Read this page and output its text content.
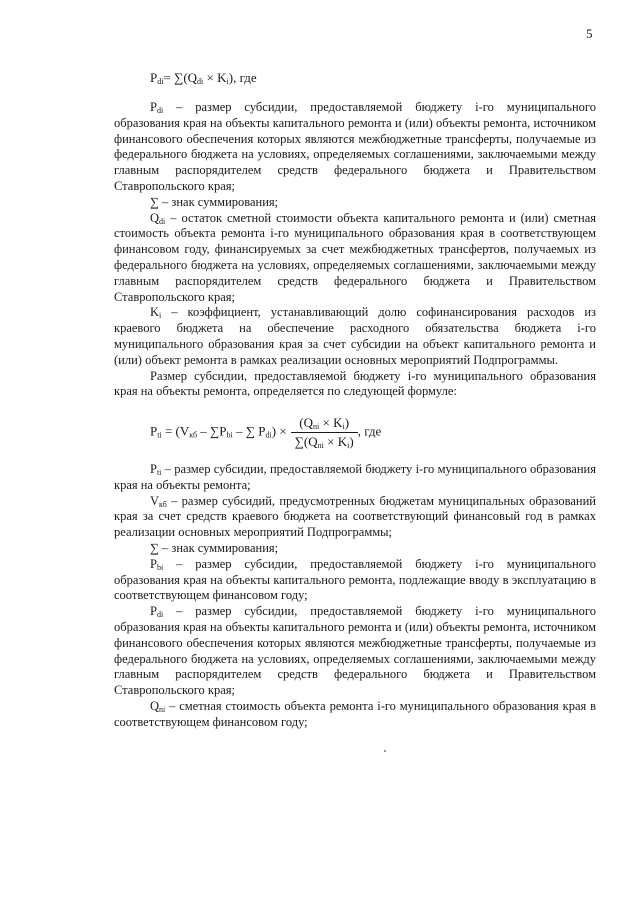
5
$P_{di}= \sum(Q_{di} \times K_i)$, где

$P_{di}$ – размер субсидии, предоставляемой бюджету i-го муниципального образования края на объекты капитального ремонта и (или) объекты ремонта, источником финансового обеспечения которых являются межбюджетные трансферты, получаемые из федерального бюджета на условиях, определяемых соглашениями, заключаемыми между главным распорядителем средств федерального бюджета и Правительством Ставропольского края;

∑ – знак суммирования;

$Q_{di}$ – остаток сметной стоимости объекта капитального ремонта и (или) сметная стоимость объекта ремонта i-го муниципального образования края в соответствующем финансовом году, финансируемых за счет межбюджетных трансфертов, получаемых из федерального бюджета на условиях, определяемых соглашениями, заключаемыми между главным распорядителем средств федерального бюджета и Правительством Ставропольского края;

$K_i$ – коэффициент, устанавливающий долю софинансирования расходов из краевого бюджета на обеспечение расходного обязательства бюджета i-го муниципального образования края за счет субсидии на объект капитального ремонта и (или) объект ремонта в рамках реализации основных мероприятий Подпрограммы.

Размер субсидии, предоставляемой бюджету i-го муниципального образования края на объекты ремонта, определяется по следующей формуле:

$P_{ti} = (V_{кб} - \sum P_{bi}$ – ∑ $P_{di}) \times \frac{(Q_{ni} \times K_i)}{\sum(Q_{ni} \times K_i)}$ , где

$P_{ti}$ – размер субсидии, предоставляемой бюджету i-го муниципального образования края на объекты ремонта;

$V_{кб}$ – размер субсидий, предусмотренных бюджетам муниципальных образований края за счет средств краевого бюджета на соответствующий финансовый год в рамках реализации основных мероприятий Подпрограммы;

∑ – знак суммирования;

$P_{bi}$ – размер субсидии, предоставляемой бюджету i-го муниципального образования края на объекты капитального ремонта, подлежащие вводу в эксплуатацию в соответствующем финансовом году;

$P_{di}$ – размер субсидии, предоставляемой бюджету i-го муниципального образования края на объекты капитального ремонта и (или) объекты ремонта, источником финансового обеспечения которых являются межбюджетные трансферты, получаемые из федерального бюджета на условиях, определяемых соглашениями, заключаемыми между главным распорядителем средств федерального бюджета и Правительством Ставропольского края;

$Q_{ni}$ – сметная стоимость объекта ремонта i-го муниципального образования края в соответствующем финансовом году;
